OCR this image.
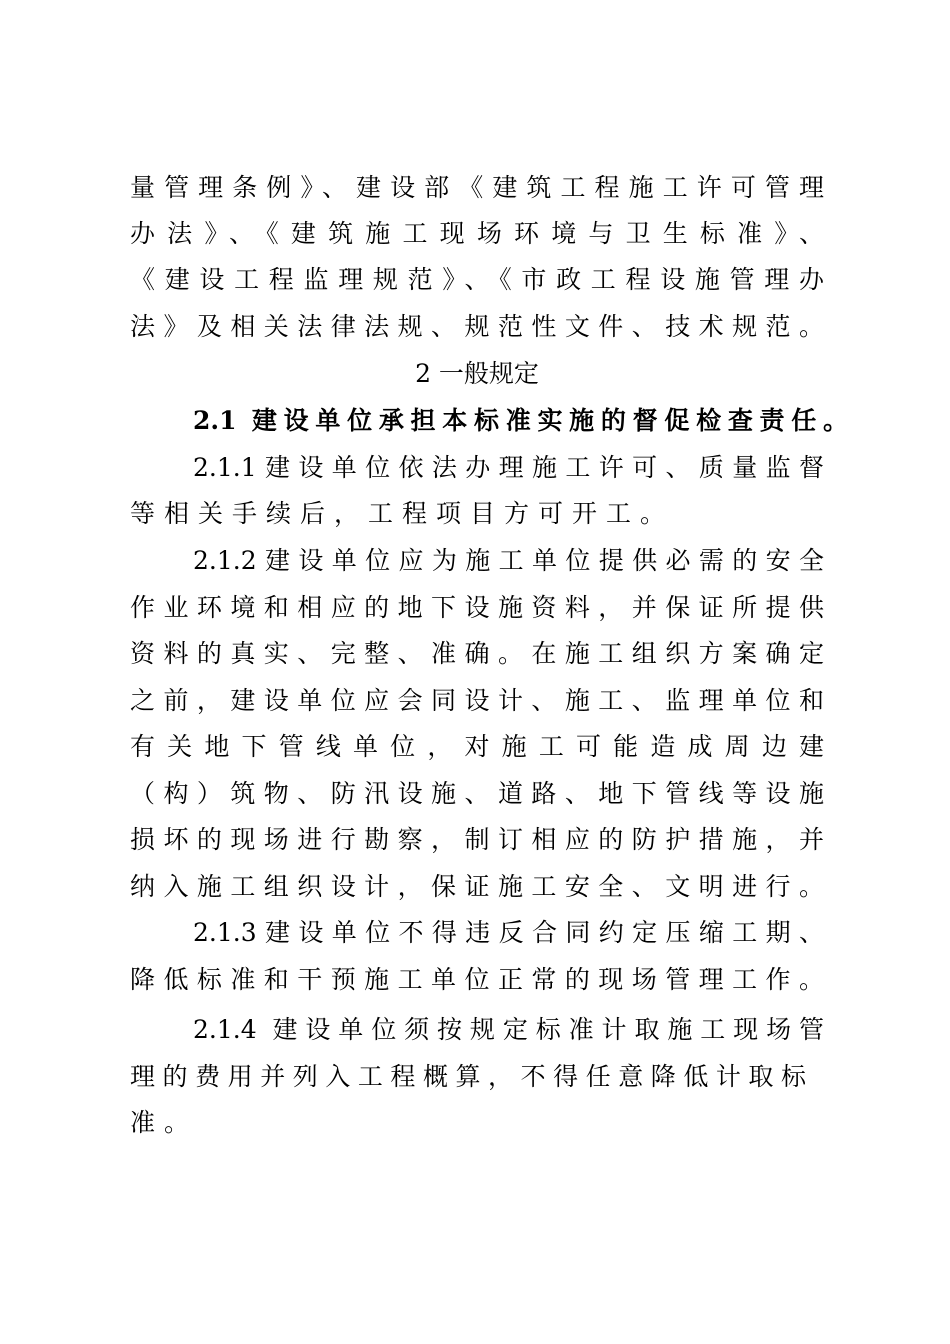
量管理条例》、建设部《建筑工程施工许可管理
办法》、《建筑施工现场环境与卫生标准》、
《建设工程监理规范》、《市政工程设施管理办
法》及相关法律法规、规范性文件、技术规范。
2 一般规定
2.1 建设单位承担本标准实施的督促检查责任。
2.1.1建设单位依法办理施工许可、质量监督
等相关手续后，工程项目方可开工。
2.1.2建设单位应为施工单位提供必需的安全
作业环境和相应的地下设施资料，并保证所提供
资料的真实、完整、准确。在施工组织方案确定
之前，建设单位应会同设计、施工、监理单位和
有关地下管线单位，对施工可能造成周边建
（构）筑物、防汛设施、道路、地下管线等设施
损坏的现场进行勘察，制订相应的防护措施，并
纳入施工组织设计，保证施工安全、文明进行。
2.1.3建设单位不得违反合同约定压缩工期、
降低标准和干预施工单位正常的现场管理工作。
2.1.4 建设单位须按规定标准计取施工现场管
理的费用并列入工程概算，不得任意降低计取标
准。
